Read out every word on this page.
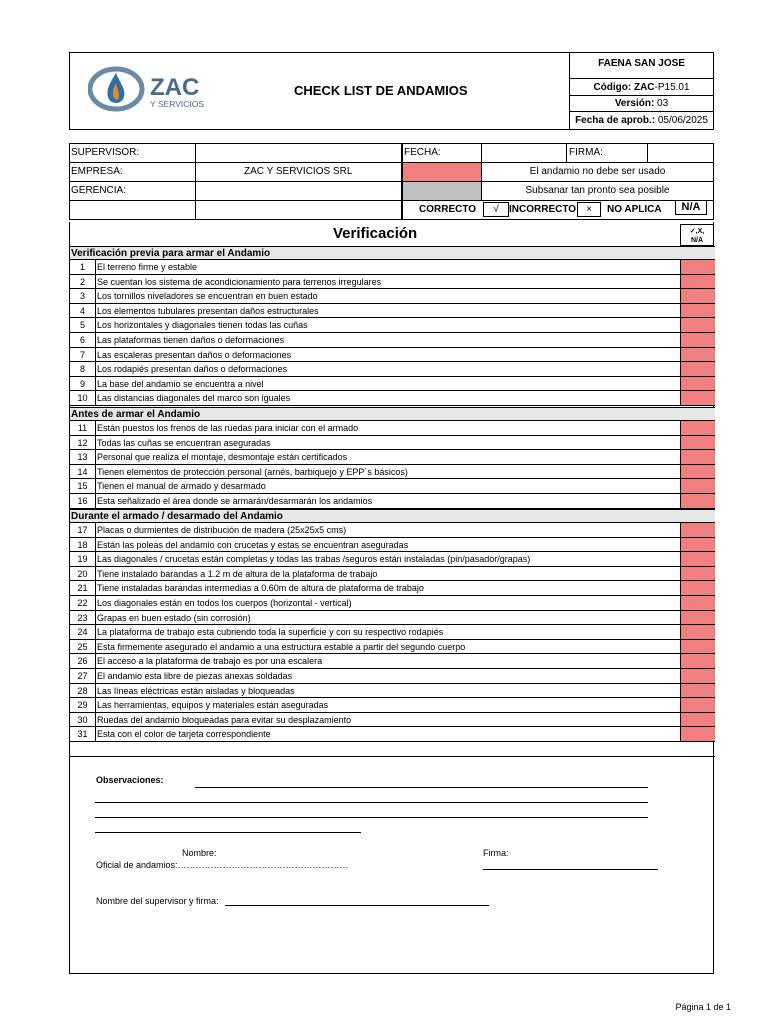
ZAC
Y SERVICIOS
CHECK LIST DE ANDAMIOS
FAENA SAN JOSE
Código: ZAC-P15.01
Versión: 03
Fecha de aprob.: 05/06/2025
SUPERVISOR:
EMPRESA:	ZAC Y SERVICIOS SRL
GERENCIA:
FECHA:	FIRMA:
El andamio no debe ser usado
Subsanar tan pronto sea posible
CORRECTO	√	INCORRECTO	×	NO APLICA	N/A
Verificación	✓,X,
N/A
Verificación previa para armar el Andamio
1	El terreno firme y estable
2	Se cuentan los sistema de acondicionamiento para terrenos irregulares
3	Los tornillos niveladores se encuentran en buen estado
4	Los elementos tubulares presentan daños estructurales
5	Los horizontales y diagonales tienen todas las cuñas
6	Las plataformas tienen daños o deformaciones
7	Las escaleras presentan daños o deformaciones
8	Los rodapiés presentan daños o deformaciones
9	La base del andamio se encuentra a nivel
10	Las distancias diagonales del marco son iguales
Antes de armar el Andamio
11	Están puestos los frenos de las ruedas para iniciar con el armado
12	Todas las cuñas se encuentran aseguradas
13	Personal que realiza el montaje, desmontaje están certificados
14	Tienen elementos de protección personal (arnés, barbiquejo y EPP´s básicos)
15	Tienen el manual de armado y desarmado
16	Esta señalizado el área donde se armarán/desarmarán los andamios
Durante el armado / desarmado del Andamio
17	Placas o durmientes de distribución de madera (25x25x5 cms)
18	Están las poleas del andamio con crucetas y estas se encuentran aseguradas
19	Las diagonales / crucetas están completas y todas las trabas /seguros están instaladas (pin/pasador/grapas)
20	Tiene instalado barandas a 1.2 m de altura de la plataforma de trabajo
21	Tiene instaladas barandas intermedias a 0.60m de altura de plataforma de trabajo
22	Los diagonales están en todos los cuerpos (horizontal - vertical)
23	Grapas en buen estado (sin corrosión)
24	La plataforma de trabajo esta cubriendo toda la superficie y con su respectivo rodapiés
25	Esta firmemente asegurado el andamio a una estructura estable a partir del segundo cuerpo
26	El acceso a la plataforma de trabajo es por una escalera
27	El andamio esta libre de piezas anexas soldadas
28	Las líneas eléctricas están aisladas y bloqueadas
29	Las herramientas, equipos y materiales están aseguradas
30	Ruedas del andamio bloqueadas para evitar su desplazamiento
31	Esta con el color de tarjeta correspondiente
Observaciones:
Nombre:
Oficial de andamios:…………………………………………………
Firma:
Nombre del supervisor y firma:
Página 1 de 1
